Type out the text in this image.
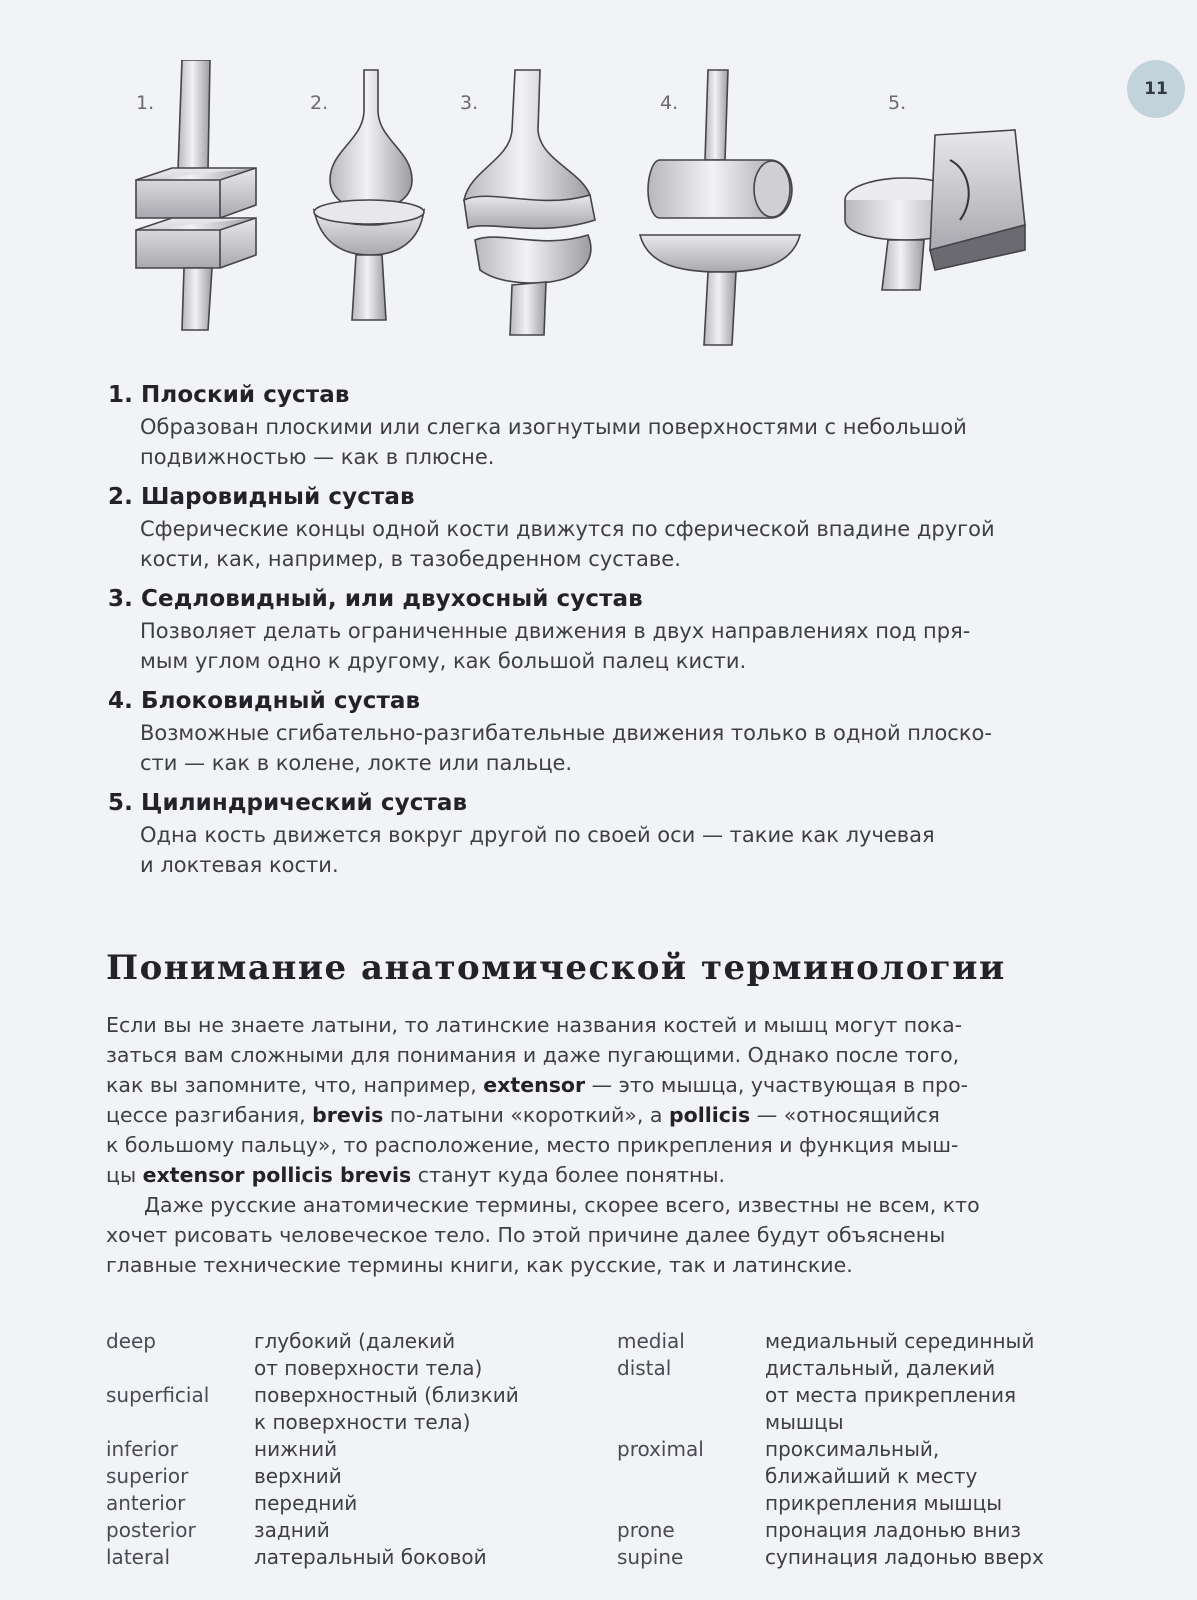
11
1.	2.	3.	4.	5.
1. Плоский сустав
Образован плоскими или слегка изогнутыми поверхностями с небольшой
подвижностью — как в плюсне.
2. Шаровидный сустав
Сферические концы одной кости движутся по сферической впадине другой
кости, как, например, в тазобедренном суставе.
3. Седловидный, или двухосный сустав
Позволяет делать ограниченные движения в двух направлениях под пря-
мым углом одно к другому, как большой палец кисти.
4. Блоковидный сустав
Возможные сгибательно-разгибательные движения только в одной плоско-
сти — как в колене, локте или пальце.
5. Цилиндрический сустав
Одна кость движется вокруг другой по своей оси — такие как лучевая
и локтевая кости.
Понимание анатомической терминологии

Если вы не знаете латыни, то латинские названия костей и мышц могут пока-
заться вам сложными для понимания и даже пугающими. Однако после того,
как вы запомните, что, например, extensor — это мышца, участвующая в про-
цессе разгибания, brevis по-латыни «короткий», а pollicis — «относящийся
к большому пальцу», то расположение, место прикрепления и функция мыш-
цы extensor pollicis brevis станут куда более понятны.

Даже русские анатомические термины, скорее всего, известны не всем, кто
хочет рисовать человеческое тело. По этой причине далее будут объяснены
главные технические термины книги, как русские, так и латинские.

deep	глубокий (далекий
от поверхности тела)
superficial	поверхностный (близкий
к поверхности тела)
inferior	нижний
superior	верхний
anterior	передний
posterior	задний
lateral	латеральный боковой
medial	медиальный серединный
distal	дистальный, далекий
от места прикрепления
мышцы
proximal	проксимальный,
ближайший к месту
прикрепления мышцы
prone	пронация ладонью вниз
supine	супинация ладонью вверх
